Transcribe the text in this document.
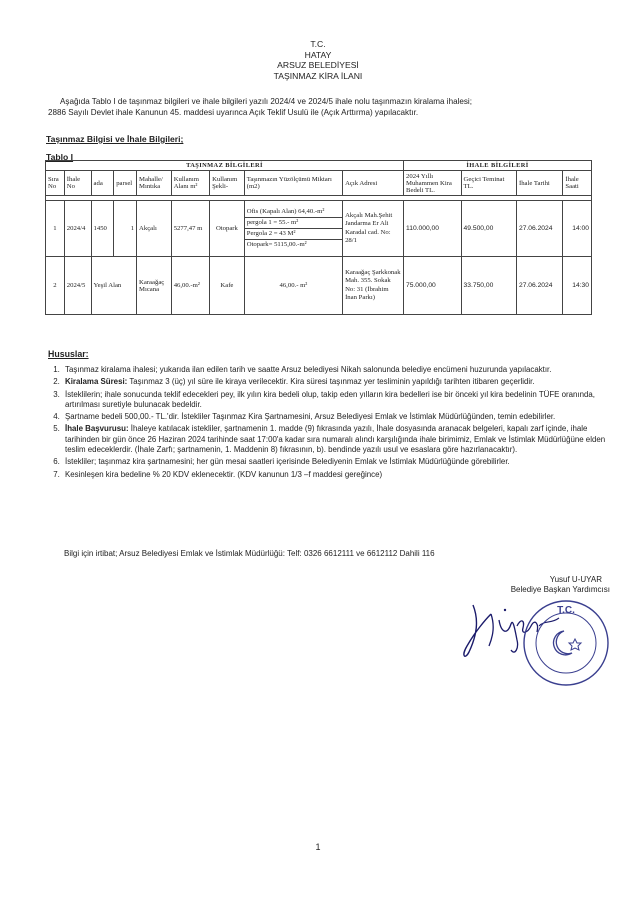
T.C.
HATAY
ARSUZ BELEDİYESİ
TAŞINMAZ KİRA İLANI
Aşağıda Tablo I de taşınmaz bilgileri ve ihale bilgileri yazılı 2024/4 ve 2024/5 ihale nolu taşınmazın kiralama ihalesi;
2886 Sayılı Devlet ihale Kanunun 45. maddesi uyarınca Açık Teklif Usulü ile (Açık Arttırma) yapılacaktır.
Taşınmaz Bilgisi ve İhale Bilgileri;
Tablo I
TAŞINMAZ BİLGİLERİ									İHALE BİLGİLERİ			
Sıra No	İhale No	ada	parsel	Mahalle/ Mıntıka	Kullanım Alanı m²	Kullanım Şekli-	Taşınmazın Yüzölçümü Miktarı (m2)	Açık Adresi	2024 Yıllı Muhammen Kira Bedeli TL.	Geçici Teminat TL.	İhale Tarihi	İhale Saati

1	2024/4	1450	1	Akçalı	5277,47 m	Otopark	Ofis (Kapalı Alan) 64,40.-m²
pergola 1 = 55.- m²
Pergola 2 = 43 M²
Otopark= 5115,00.-m²	Akçalı Mah.Şehit Jandarma Er Ali Karadal cad. No: 28/1	110.000,00	49.500,00	27.06.2024	14:00
2	2024/5	Yeşil Alan		Karaağaç Mıcana	46,00.-m²	Kafe	46,00.- m²	Karaağaç Şarkkonak Mah. 355. Sokak No: 31 (İbrahim İnan Parkı)	75.000,00	33.750,00	27.06.2024	14:30
Hususlar:
1. Taşınmaz kiralama ihalesi; yukarıda ilan edilen tarih ve saatte Arsuz belediyesi Nikah salonunda belediye encümeni huzurunda yapılacaktır.
2. Kiralama Süresi: Taşınmaz 3 (üç) yıl süre ile kiraya verilecektir. Kira süresi taşınmaz yer tesliminin yapıldığı tarihten itibaren geçerlidir.
3. İsteklilerin; ihale sonucunda teklif edecekleri pey, ilk yılın kira bedeli olup, takip eden yılların kira bedelleri ise bir önceki yıl kira bedelinin TÜFE oranında, artırılması suretiyle bulunacak bedeldir.
4. Şartname bedeli 500,00.- TL.'dir. İstekliler Taşınmaz Kira Şartnamesini, Arsuz Belediyesi Emlak ve İstimlak Müdürlüğünden, temin edebilirler.
5. İhale Başvurusu: İhaleye katılacak istekliler, şartnamenin 1. madde (9) fıkrasında yazılı, İhale dosyasında aranacak belgeleri, kapalı zarf içinde, ihale tarihinden bir gün önce 26 Haziran 2024 tarihinde saat 17:00'a kadar sıra numaralı alındı karşılığında ihale birimimiz, Emlak ve İstimlak Müdürlüğüne elden teslim edeceklerdir. (İhale Zarfı; şartnamenin, 1. Maddenin 8) fıkrasının, b). bendinde yazılı usul ve esaslara göre hazırlanacaktır).
6. İstekliler; taşınmaz kira şartnamesini; her gün mesai saatleri içerisinde Belediyenin Emlak ve İstimlak Müdürlüğünde görebilirler.
7. Kesinleşen kira bedeline % 20 KDV eklenecektir. (KDV kanunun 1/3 –f maddesi gereğince)
Bilgi için irtibat; Arsuz Belediyesi Emlak ve İstimlak Müdürlüğü: Telf: 0326 6612111 ve 6612112 Dahili 116
Yusuf U-UYAR
Belediye Başkan Yardımcısı
T.C.
1
